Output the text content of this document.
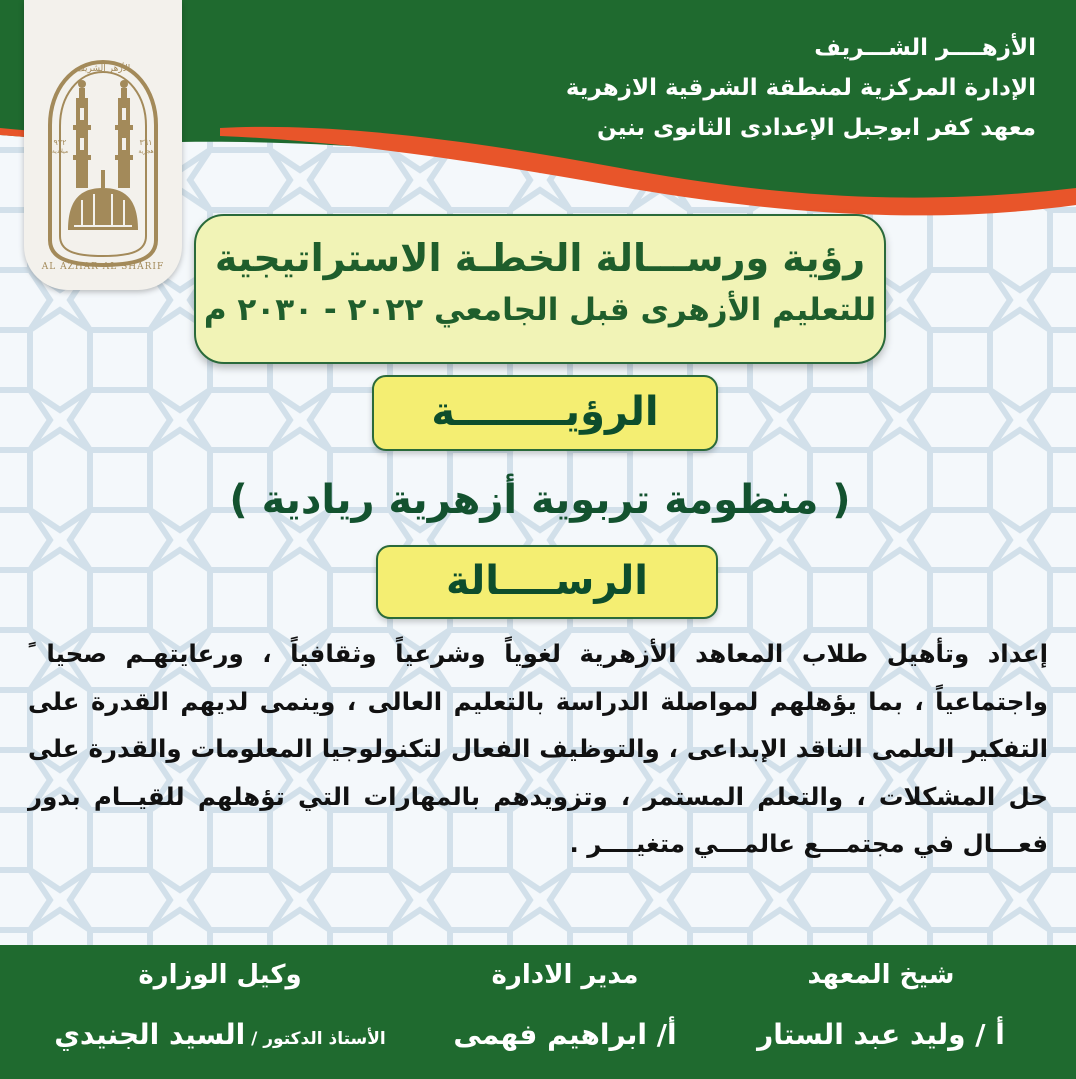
الأزهــــر الشـــريف
الإدارة المركزية لمنطقة الشرقية الازهرية
معهد كفر ابوجبل الإعدادى الثانوى بنين
الأزهر الشريف
٩٧٢
ميلادية
٣٦١
هجرية
AL AZHAR AL SHARIF	رؤية ورســـالة الخطـة الاستراتيجية
للتعليم الأزهرى قبل الجامعي ٢٠٢٢ - ٢٠٣٠ م
الرؤيــــــــة
( منظومة تربوية أزهرية ريادية )
الرســــالة
إعداد وتأهيل طلاب المعاهد الأزهرية لغوياً وشرعياً وثقافياً ، ورعايتهـم صحيا ً واجتماعياً ، بما يؤهلهم لمواصلة الدراسة بالتعليم العالى ، وينمى لديهم القدرة على التفكير العلمى الناقد الإبداعى ، والتوظيف الفعال لتكنولوجيا المعلومات والقدرة على حل المشكلات ، والتعلم المستمر ، وتزويدهم بالمهارات التي تؤهلهم للقيــام بدور فعـــال في مجتمـــع عالمـــي متغيــــر .
شيخ المعهد
أ / وليد عبد الستار
مدير الادارة
أ/ ابراهيم فهمى
وكيل الوزارة
الأستاذ الدكتور / السيد الجنيدي
